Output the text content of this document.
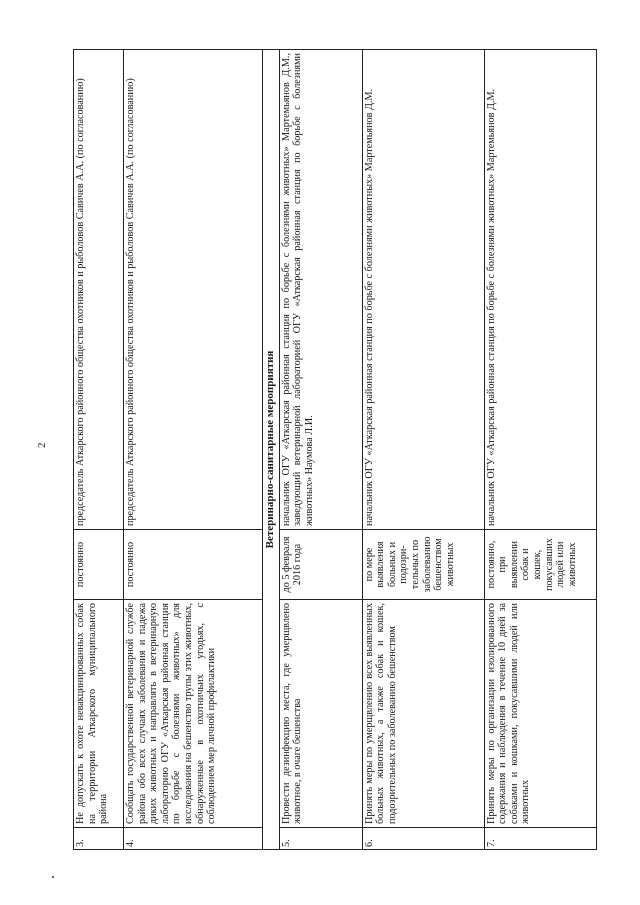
2
3.	Не допускать к охоте невакцинированных собак на территории Аткарского муниципального района	постоянно	председатель Аткарского районного общества охотников и рыболовов Савичев А.А. (по согласованию)
4.	Сообщать государственной ветеринарной службе района обо всех случаях заболевания и падежа диких животных и направлять в ветеринарную лабораторию ОГУ «Аткарская районная станция по борьбе с болезнями животных» для исследования на бешенство трупы этих животных, обнаруженные в охотничьих угодьях, с соблюдением мер личной профилактики	постоянно	председатель Аткарского районного общества охотников и рыболовов Савичев А.А. (по согласованию)
Ветеринарно-санитарные мероприятия			
5.	Провести дезинфекцию места, где умерщвлено животное, в очаге бешенства	до 5 февраля 2016 года	начальник ОГУ «Аткарская районная станция по борьбе с болезнями животных» Мартемьянов Д.М., заведующий ветеринарной лабораторией ОГУ «Аткарская районная станция по борьбе с болезнями животных» Наумова Л.И.
6.	Принять меры по умерщвлению всех выявленных больных животных, а также собак и кошек, подозрительных по заболеванию бешенством	по мере выявления больных и подозри-тельных по заболеванию бешенством животных	начальник ОГУ «Аткарская районная станция по борьбе с болезнями животных» Мартемьянов Д.М.
7.	Принять меры по организации изолированного содержания и наблюдения в течение 10 дней за собаками и кошками, покусавшими людей или животных	постоянно, при выявлении собак и кошек, покусавших людей или животных	начальник ОГУ «Аткарская районная станция по борьбе с болезнями животных» Мартемьянов Д.М.
